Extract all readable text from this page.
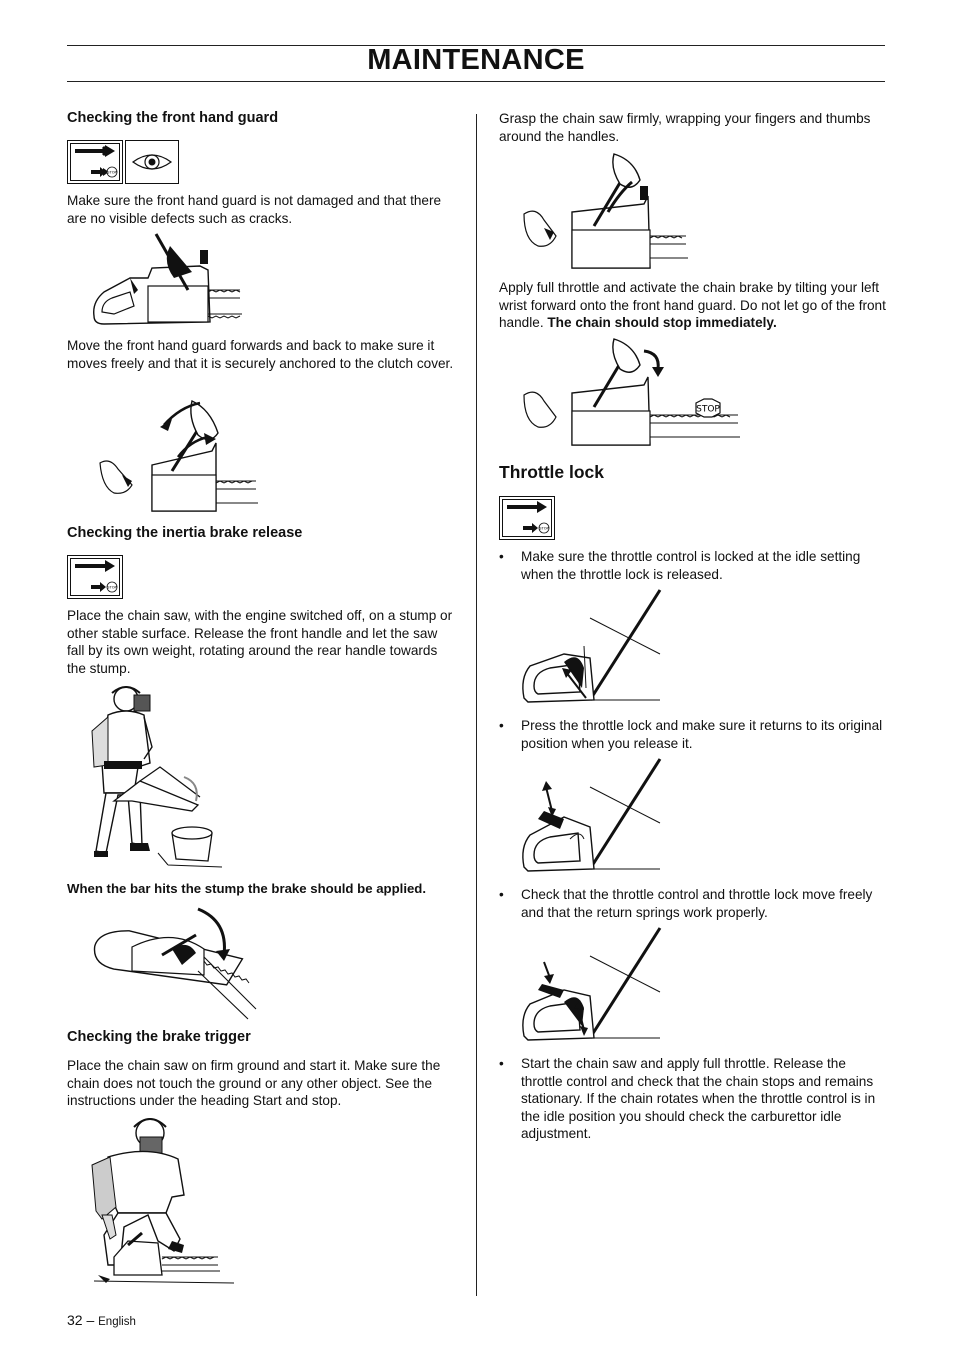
MAINTENANCE

Checking the front hand guard

STOP

Make sure the front hand guard is not damaged and that there are no visible defects such as cracks.

Move the front hand guard forwards and back to make sure it moves freely and that it is securely anchored to the clutch cover.

Checking the inertia brake release

STOP

Place the chain saw, with the engine switched off, on a stump or other stable surface. Release the front handle and let the saw fall by its own weight, rotating around the rear handle towards the stump.

When the bar hits the stump the brake should be applied.

Checking the brake trigger

Place the chain saw on firm ground and start it. Make sure the chain does not touch the ground or any other object. See the instructions under the heading Start and stop.

Grasp the chain saw firmly, wrapping your fingers and thumbs around the handles.

Apply full throttle and activate the chain brake by tilting your left wrist forward onto the front hand guard. Do not let go of the front handle. The chain should stop immediately.

STOP

Throttle lock

STOP
• Make sure the throttle control is locked at the idle setting when the throttle lock is released.
• Press the throttle lock and make sure it returns to its original position when you release it.
• Check that the throttle control and throttle lock move freely and that the return springs work properly.
• Start the chain saw and apply full throttle. Release the throttle control and check that the chain stops and remains stationary. If the chain rotates when the throttle control is in the idle position you should check the carburettor idle adjustment.
32 – English
